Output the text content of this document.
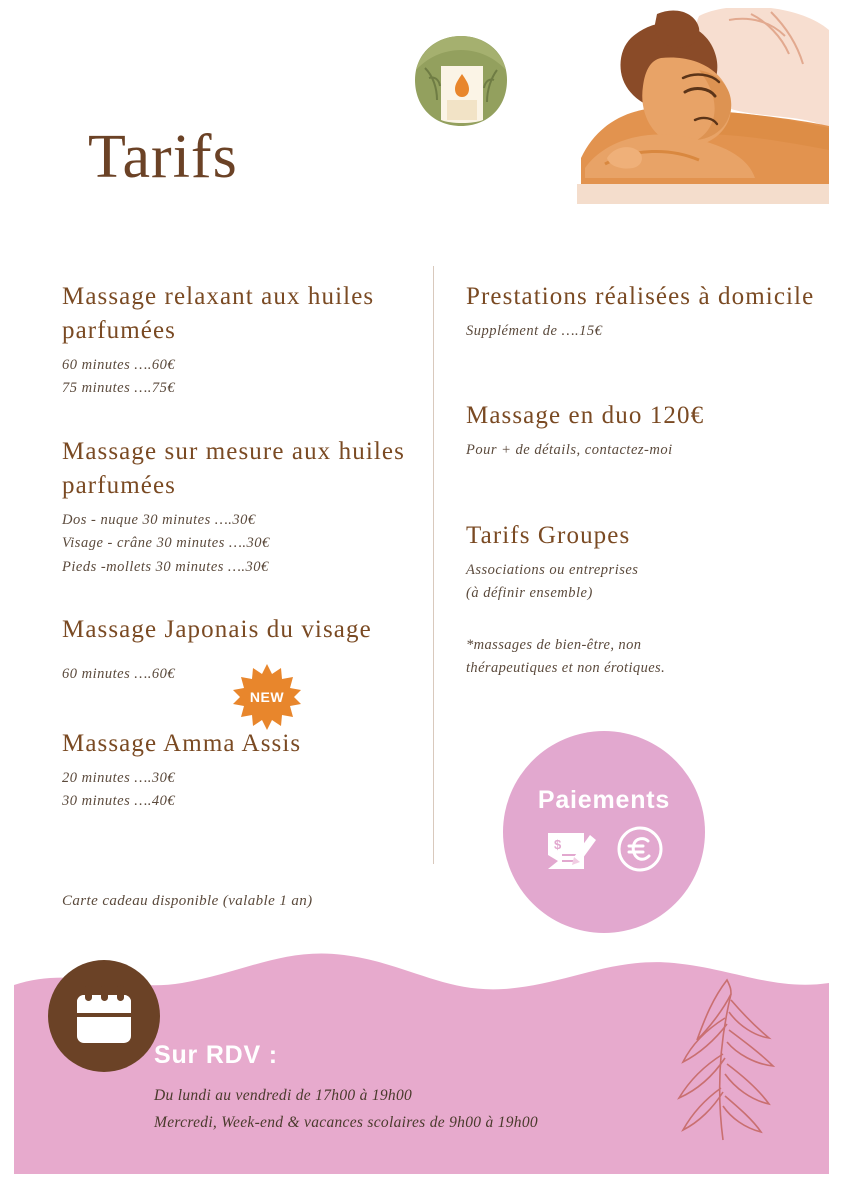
Tarifs
Massage relaxant aux huiles parfumées
60 minutes ….60€
75 minutes ….75€
Massage sur mesure aux huiles parfumées
Dos - nuque 30 minutes ….30€
Visage - crâne 30 minutes ….30€
Pieds -mollets 30 minutes ….30€
Massage Japonais du visage
60 minutes ….60€
Massage Amma Assis
20 minutes ….30€
30 minutes ….40€
NEW
Prestations réalisées à domicile
Supplément de ….15€
Massage en duo 120€
Pour + de détails, contactez-moi
Tarifs Groupes
Associations ou entreprises
(à définir ensemble)
*massages de bien-être, non
thérapeutiques et non érotiques.
Carte cadeau disponible (valable 1 an)
Paiements
$
Sur RDV :
Du lundi au vendredi de 17h00 à 19h00
Mercredi, Week-end & vacances scolaires de 9h00 à 19h00
